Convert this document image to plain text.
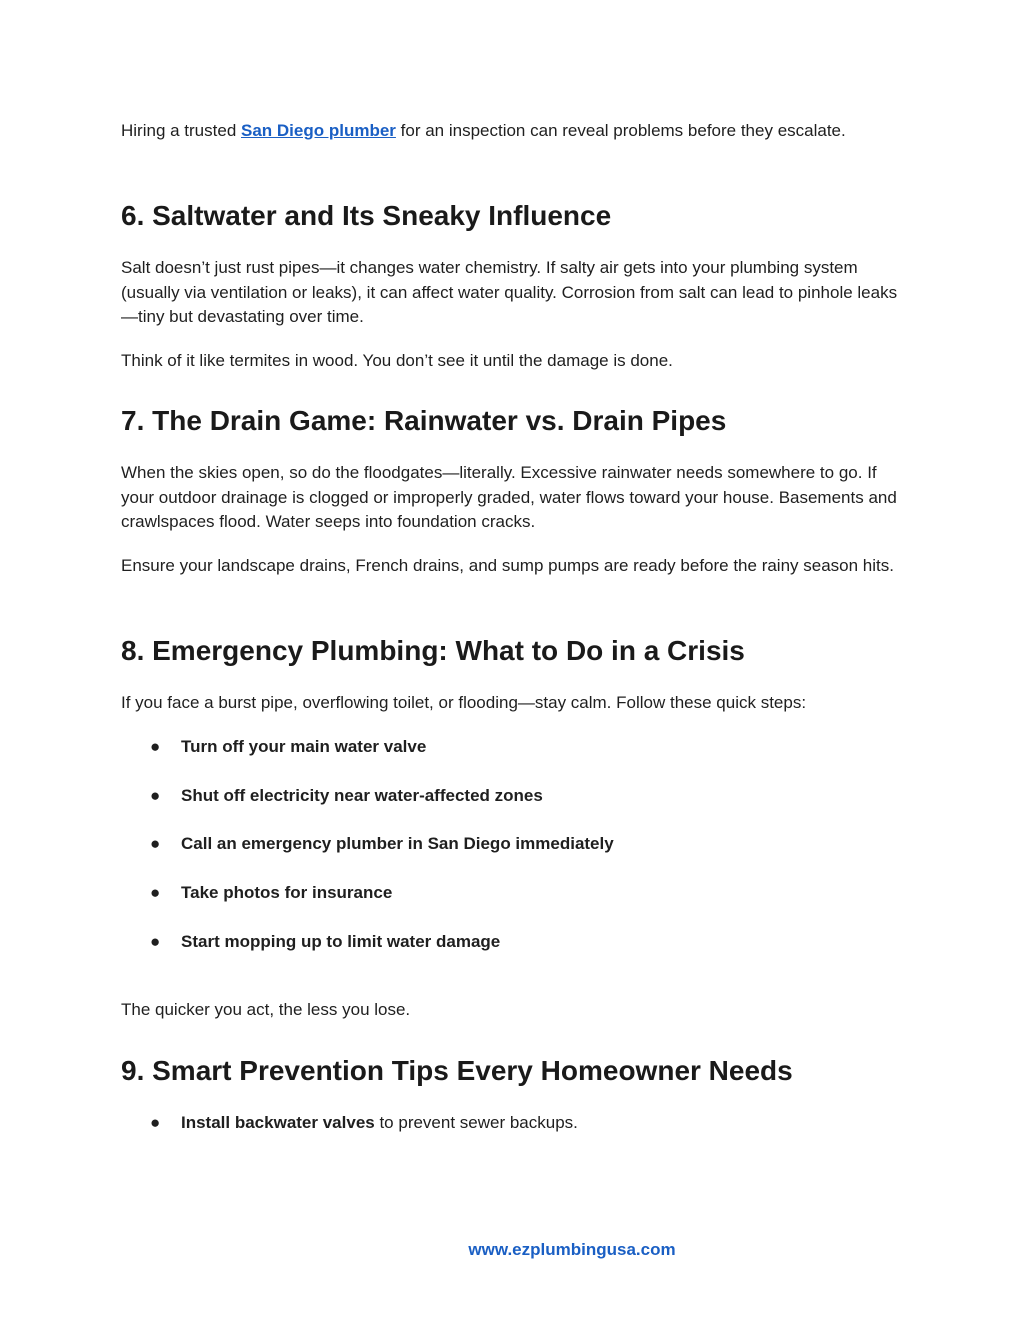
Hiring a trusted San Diego plumber for an inspection can reveal problems before they escalate.

6. Saltwater and Its Sneaky Influence

Salt doesn’t just rust pipes—it changes water chemistry. If salty air gets into your plumbing system (usually via ventilation or leaks), it can affect water quality. Corrosion from salt can lead to pinhole leaks—tiny but devastating over time.

Think of it like termites in wood. You don’t see it until the damage is done.

7. The Drain Game: Rainwater vs. Drain Pipes

When the skies open, so do the floodgates—literally. Excessive rainwater needs somewhere to go. If your outdoor drainage is clogged or improperly graded, water flows toward your house. Basements and crawlspaces flood. Water seeps into foundation cracks.

Ensure your landscape drains, French drains, and sump pumps are ready before the rainy season hits.

8. Emergency Plumbing: What to Do in a Crisis

If you face a burst pipe, overflowing toilet, or flooding—stay calm. Follow these quick steps:

● Turn off your main water valve
● Shut off electricity near water-affected zones
● Call an emergency plumber in San Diego immediately
● Take photos for insurance
● Start mopping up to limit water damage

The quicker you act, the less you lose.

9. Smart Prevention Tips Every Homeowner Needs
● Install backwater valves to prevent sewer backups.
www.ezplumbingusa.com
